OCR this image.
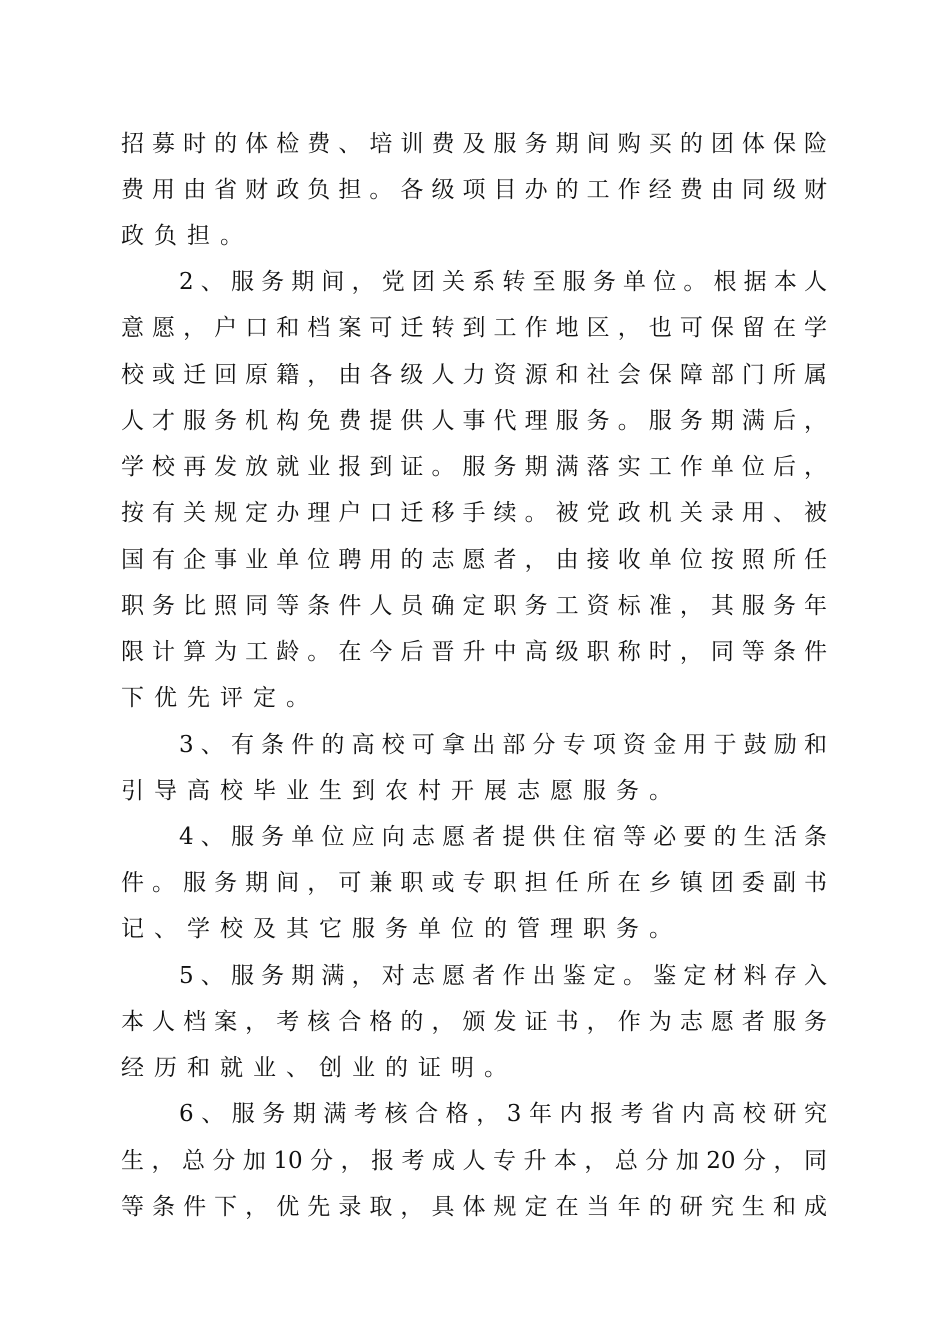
招募时的体检费、培训费及服务期间购买的团体保险
费用由省财政负担。各级项目办的工作经费由同级财
政负担。
2、服务期间，党团关系转至服务单位。根据本人
意愿，户口和档案可迁转到工作地区，也可保留在学
校或迁回原籍，由各级人力资源和社会保障部门所属
人才服务机构免费提供人事代理服务。服务期满后，
学校再发放就业报到证。服务期满落实工作单位后，
按有关规定办理户口迁移手续。被党政机关录用、被
国有企事业单位聘用的志愿者，由接收单位按照所任
职务比照同等条件人员确定职务工资标准，其服务年
限计算为工龄。在今后晋升中高级职称时，同等条件
下优先评定。
3、有条件的高校可拿出部分专项资金用于鼓励和
引导高校毕业生到农村开展志愿服务。
4、服务单位应向志愿者提供住宿等必要的生活条
件。服务期间，可兼职或专职担任所在乡镇团委副书
记、学校及其它服务单位的管理职务。
5、服务期满，对志愿者作出鉴定。鉴定材料存入
本人档案，考核合格的，颁发证书，作为志愿者服务
经历和就业、创业的证明。
6、服务期满考核合格，3年内报考省内高校研究
生，总分加10分，报考成人专升本，总分加20分，同
等条件下，优先录取，具体规定在当年的研究生和成
